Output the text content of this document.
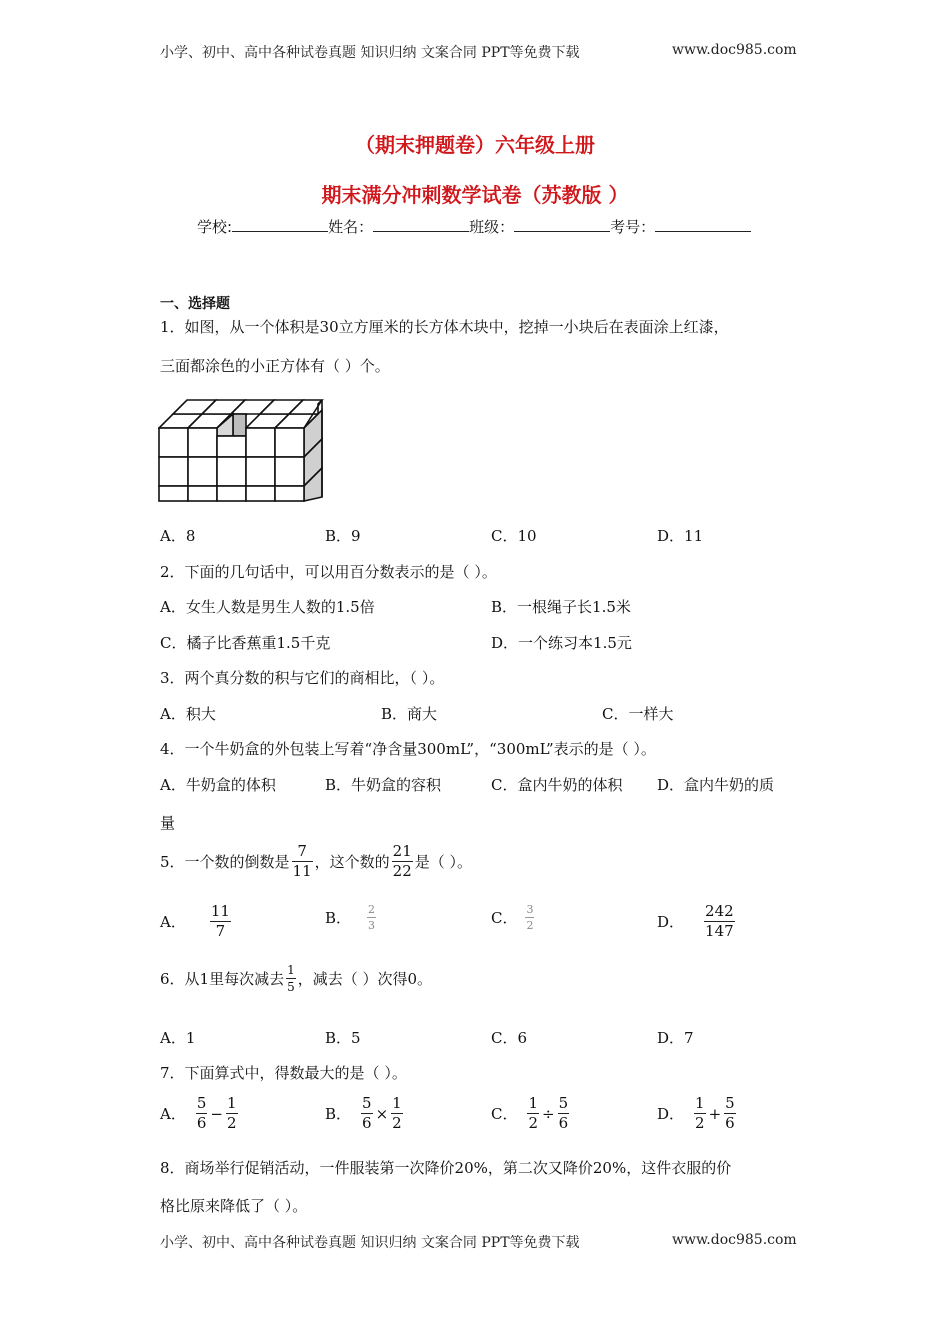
小学、初中、高中各种试卷真题 知识归纳 文案合同 PPT等免费下载	www.doc985.com
（期末押题卷）六年级上册
期末满分冲刺数学试卷（苏教版 ）
学校:	姓名：	班级：	考号：
一、选择题
1．如图，从一个体积是30立方厘米的长方体木块中，挖掉一小块后在表面涂上红漆，
三面都涂色的小正方体有（ ）个。
A．8	B．9	C．10	D．11
2．下面的几句话中，可以用百分数表示的是（ ）。
A．女生人数是男生人数的1.5倍	B．一根绳子长1.5米
C．橘子比香蕉重1.5千克	D．一个练习本1.5元
3．两个真分数的积与它们的商相比，（ ）。
A．积大	B．商大	C．一样大
4．一个牛奶盒的外包装上写着“净含量300mL”，“300mL”表示的是（ ）。
A．牛奶盒的体积	B．牛奶盒的容积	C．盒内牛奶的体积 D．盒内牛奶的质
量
5．一个数的倒数是 $\frac{7}{11}$ ，这个数的 $\frac{21}{22}$ 是（ ）。
A． $\frac{11}{7}$	B． $\frac{2}{3}$	C． $\frac{3}{2}$	D． $\frac{242}{147}$
6．从1里每次减去 $\frac{1}{5}$ ，减去（ ）次得0。
A．1	B．5	C．6	D．7
7．下面算式中，得数最大的是（ ）。
A． $\frac{5}{6} - \frac{1}{2}$	B． $\frac{5}{6} \times \frac{1}{2}$	C． $\frac{1}{2} \div \frac{5}{6}$	D． $\frac{1}{2} + \frac{5}{6}$
8．商场举行促销活动，一件服装第一次降价20%，第二次又降价20%，这件衣服的价
格比原来降低了（ ）。
小学、初中、高中各种试卷真题 知识归纳 文案合同 PPT等免费下载	www.doc985.com
